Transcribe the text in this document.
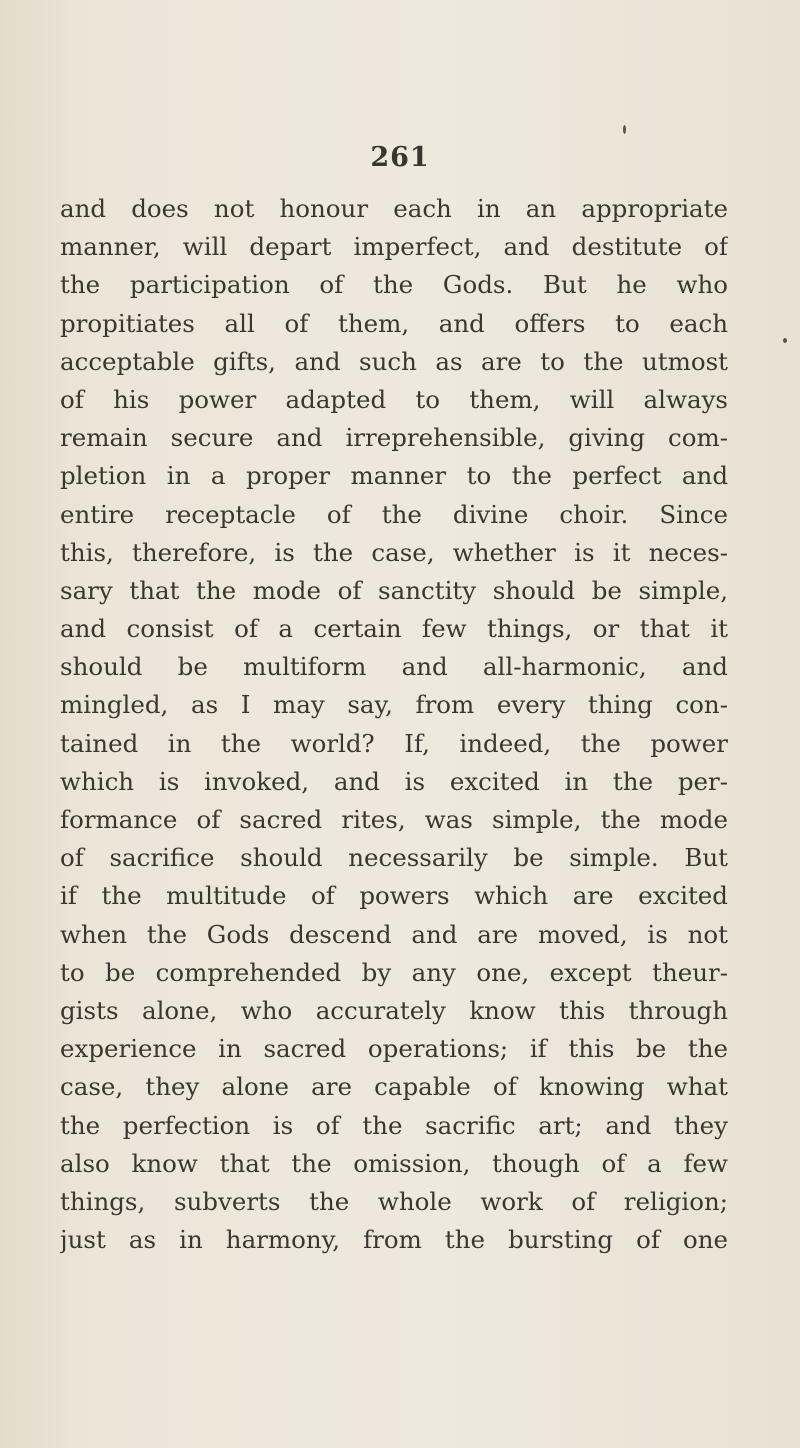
261
and does not honour each in an appropriate
manner, will depart imperfect, and destitute of
the participation of the Gods. But he who
propitiates all of them, and offers to each
acceptable gifts, and such as are to the utmost
of his power adapted to them, will always
remain secure and irreprehensible, giving com-
pletion in a proper manner to the perfect and
entire receptacle of the divine choir. Since
this, therefore, is the case, whether is it neces-
sary that the mode of sanctity should be simple,
and consist of a certain few things, or that it
should be multiform and all-harmonic, and
mingled, as I may say, from every thing con-
tained in the world? If, indeed, the power
which is invoked, and is excited in the per-
formance of sacred rites, was simple, the mode
of sacrifice should necessarily be simple. But
if the multitude of powers which are excited
when the Gods descend and are moved, is not
to be comprehended by any one, except theur-
gists alone, who accurately know this through
experience in sacred operations; if this be the
case, they alone are capable of knowing what
the perfection is of the sacrific art; and they
also know that the omission, though of a few
things, subverts the whole work of religion;
just as in harmony, from the bursting of one
